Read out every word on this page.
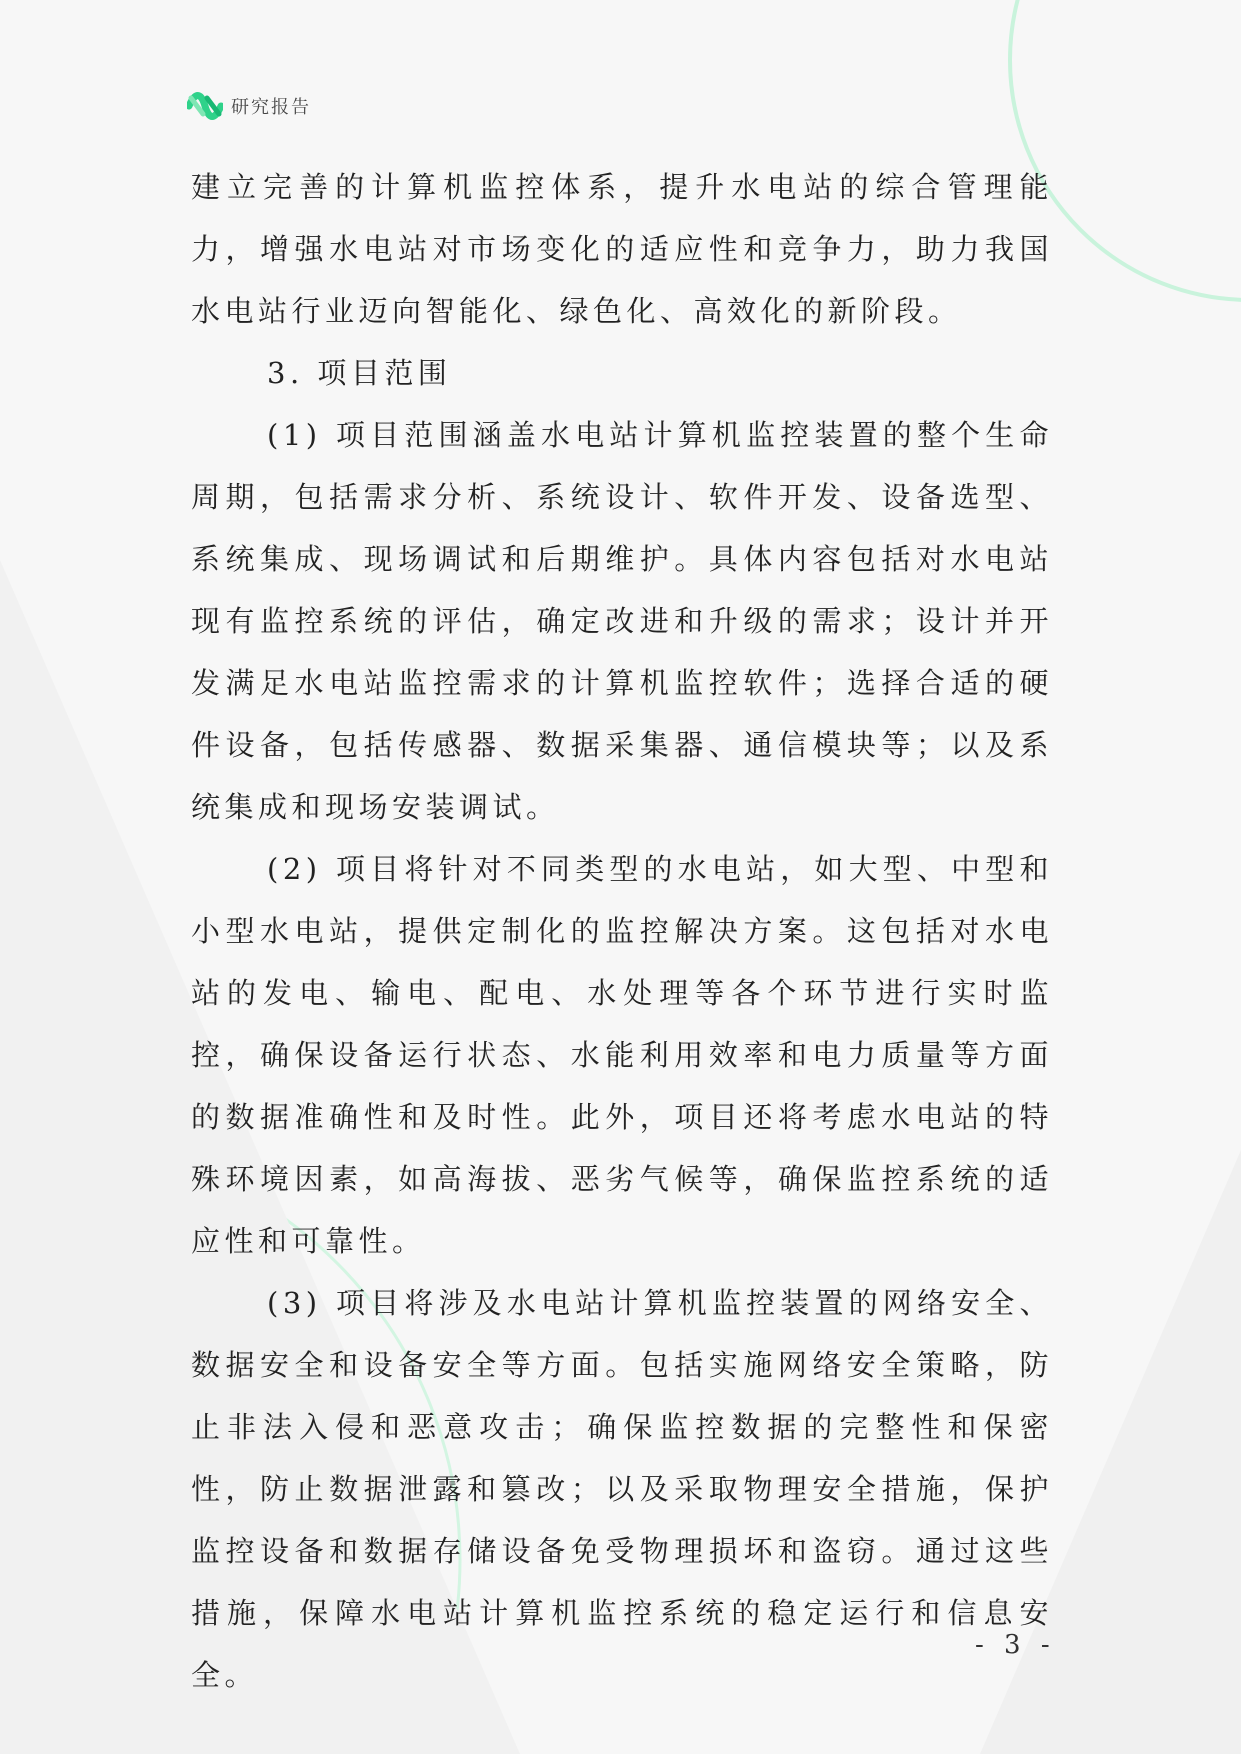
研究报告

建立完善的计算机监控体系，提升水电站的综合管理能力，增强水电站对市场变化的适应性和竞争力，助力我国水电站行业迈向智能化、绿色化、高效化的新阶段。

3. 项目范围

(1) 项目范围涵盖水电站计算机监控装置的整个生命周期，包括需求分析、系统设计、软件开发、设备选型、系统集成、现场调试和后期维护。具体内容包括对水电站现有监控系统的评估，确定改进和升级的需求；设计并开发满足水电站监控需求的计算机监控软件；选择合适的硬件设备，包括传感器、数据采集器、通信模块等；以及系统集成和现场安装调试。

(2) 项目将针对不同类型的水电站，如大型、中型和小型水电站，提供定制化的监控解决方案。这包括对水电站的发电、输电、配电、水处理等各个环节进行实时监控，确保设备运行状态、水能利用效率和电力质量等方面的数据准确性和及时性。此外，项目还将考虑水电站的特殊环境因素，如高海拔、恶劣气候等，确保监控系统的适应性和可靠性。

(3) 项目将涉及水电站计算机监控装置的网络安全、数据安全和设备安全等方面。包括实施网络安全策略，防止非法入侵和恶意攻击；确保监控数据的完整性和保密性，防止数据泄露和篡改；以及采取物理安全措施，保护监控设备和数据存储设备免受物理损坏和盗窃。通过这些措施，保障水电站计算机监控系统的稳定运行和信息安全。

- 3 -
